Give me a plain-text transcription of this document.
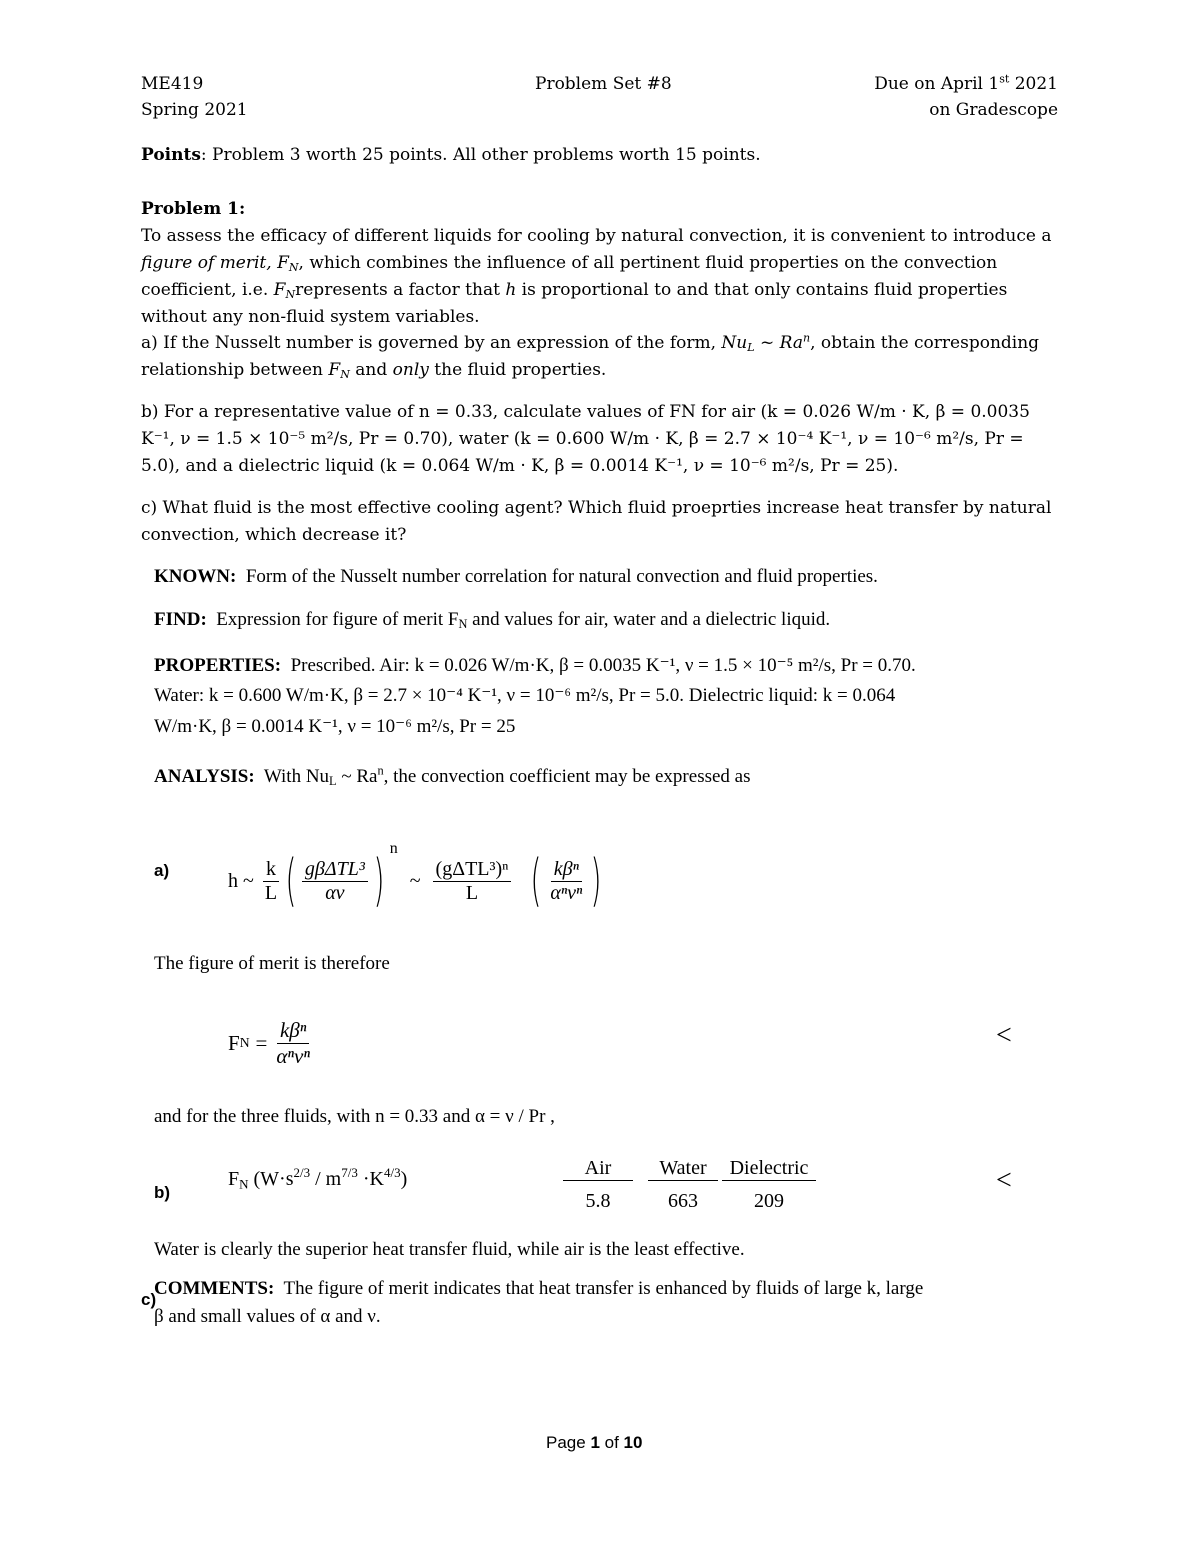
ME419
Spring 2021
Problem Set #8	Due on April 1st 2021
on Gradescope
Points: Problem 3 worth 25 points. All other problems worth 15 points.
Problem 1:
To assess the efficacy of different liquids for cooling by natural convection, it is convenient to introduce a
figure of merit, $F_N$, which combines the influence of all pertinent fluid properties on the convection
coefficient, i.e. $F_Nrepresents$ a factor that h is proportional to and that only contains fluid properties
without any non-fluid system variables.
a) If the Nusselt number is governed by an expression of the form, $Nu_L$ ~ Ra$^n$, obtain the corresponding
relationship between $F_N$ and only the fluid properties.
b) For a representative value of n = 0.33, calculate values of FN for air (k = 0.026 W/m · K, β = 0.0035
K⁻¹, ν = 1.5 × 10⁻⁵ m²/s, Pr = 0.70), water (k = 0.600 W/m · K, β = 2.7 × 10⁻⁴ K⁻¹, ν = 10⁻⁶ m²/s, Pr =
5.0), and a dielectric liquid (k = 0.064 W/m · K, β = 0.0014 K⁻¹, ν = 10⁻⁶ m²/s, Pr = 25).
c) What fluid is the most effective cooling agent? Which fluid proeprties increase heat transfer by natural
convection, which decrease it?
KNOWN: Form of the Nusselt number correlation for natural convection and fluid properties.
FIND: Expression for figure of merit $F_N$ and values for air, water and a dielectric liquid.
PROPERTIES: Prescribed. Air: k = 0.026 W/m·K, β = 0.0035 K⁻¹, ν = 1.5 × 10⁻⁵ m²/s, Pr = 0.70.
Water: k = 0.600 W/m·K, β = 2.7 × 10⁻⁴ K⁻¹, ν = 10⁻⁶ m²/s, Pr = 5.0. Dielectric liquid: k = 0.064
W/m·K, β = 0.0014 K⁻¹, ν = 10⁻⁶ m²/s, Pr = 25
ANALYSIS: With $Nu_L$ ~ Ra$^n$, the convection coefficient may be expressed as
a)	h ~ $\frac{k}{L}$ ( $\frac{\text{gβΔTL³}}{\alpha\nu}$ ) n
~ $\frac{\text{(gΔTL³)ⁿ}}{L}$ ( $\frac{\text{kβⁿ}}{\text{αⁿνⁿ}}$ )
The figure of merit is therefore
F $N = \frac{\text{kβⁿ}}{\text{αⁿνⁿ}}$	<
and for the three fluids, with n = 0.33 and α = ν / Pr ,
b)
$F_N$ $(W\cdot s^{2/3} / m^{7/3} \cdot K^{4/3})$	Air	Water	Dielectric
5.8	663	209
<
Water is clearly the superior heat transfer fluid, while air is the least effective.
c)
COMMENTS: The figure of merit indicates that heat transfer is enhanced by fluids of large k, large
β and small values of α and ν.
Page 1 of 10
